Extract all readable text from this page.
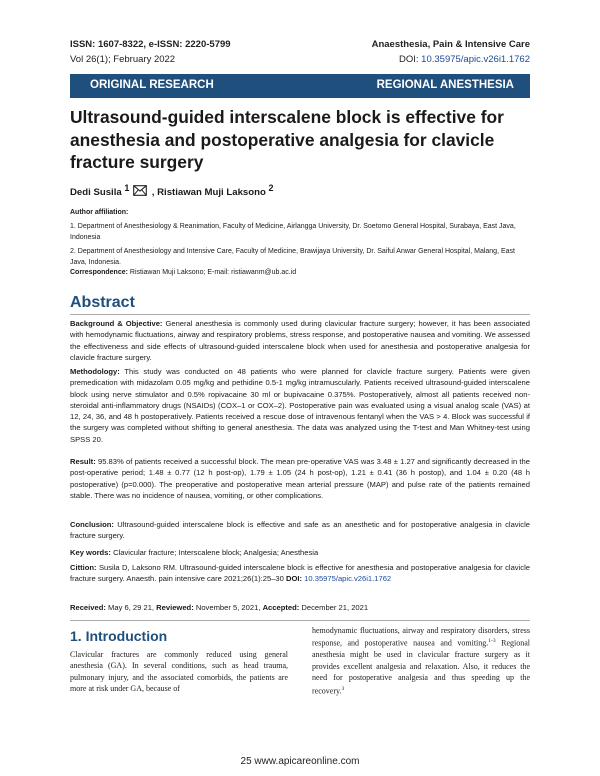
ISSN: 1607-8322, e-ISSN: 2220-5799	Anaesthesia, Pain & Intensive Care
Vol 26(1); February 2022	DOI: 10.35975/apic.v26i1.1762
ORIGINAL RESEARCH	REGIONAL ANESTHESIA
Ultrasound-guided interscalene block is effective for anesthesia and postoperative analgesia for clavicle fracture surgery
Dedi Susila $^1$ , Ristiawan Muji Laksono $^2$
Author affiliation:
1. Department of Anesthesiology & Reanimation, Faculty of Medicine, Airlangga University, Dr. Soetomo General Hospital, Surabaya, East Java, Indonesia
2. Department of Anesthesiology and Intensive Care, Faculty of Medicine, Brawijaya University, Dr. Saiful Anwar General Hospital, Malang, East Java, Indonesia.
Correspondence: Ristiawan Muji Laksono; E-mail: ristiawanm@ub.ac.id
Abstract
Background & Objective: General anesthesia is commonly used during clavicular fracture surgery; however, it has been associated with hemodynamic fluctuations, airway and respiratory problems, stress response, and postoperative nausea and vomiting. We assessed the effectiveness and side effects of ultrasound-guided interscalene block when used for anesthesia and postoperative analgesia for clavicle fracture surgery.
Methodology: This study was conducted on 48 patients who were planned for clavicle fracture surgery. Patients were given premedication with midazolam 0.05 mg/kg and pethidine 0.5-1 mg/kg intramuscularly. Patients received ultrasound-guided interscalene block using nerve stimulator and 0.5% ropivacaine 30 ml or bupivacaine 0.375%. Postoperatively, almost all patients received non-steroidal anti-inflammatory drugs (NSAIDs) (COX–1 or COX–2). Postoperative pain was evaluated using a visual analog scale (VAS) at 12, 24, 36, and 48 h postoperatively. Patients received a rescue dose of intravenous fentanyl when the VAS > 4. Block was successful if the surgery was completed without shifting to general anesthesia. The data was analyzed using the T-test and Man Whitney-test using SPSS 20.
Result: 95.83% of patients received a successful block. The mean pre-operative VAS was 3.48 ± 1.27 and significantly decreased in the post-operative period; 1.48 ± 0.77 (12 h post-op), 1.79 ± 1.05 (24 h post-op), 1.21 ± 0.41 (36 h postop), and 1.04 ± 0.20 (48 h postoperative) (p=0.000). The preoperative and postoperative mean arterial pressure (MAP) and pulse rate of the patients remained stable. There was no incidence of nausea, vomiting, or other complications.
Conclusion: Ultrasound-guided interscalene block is effective and safe as an anesthetic and for postoperative analgesia in clavicle fracture surgery.
Key words: Clavicular fracture; Interscalene block; Analgesia; Anesthesia
Cittion: Susila D, Laksono RM. Ultrasound-guided interscalene block is effective for anesthesia and postoperative analgesia for clavicle fracture surgery. Anaesth. pain intensive care 2021;26(1):25–30 DOI: 10.35975/apic.v26i1.1762
Received: May 6, 29 21, Reviewed: November 5, 2021, Accepted: December 21, 2021
1. Introduction
Clavicular fractures are commonly reduced using general anesthesia (GA). In several conditions, such as head trauma, pulmonary injury, and the associated comorbids, the patients are more at risk under GA, because of
hemodynamic fluctuations, airway and respiratory disorders, stress response, and postoperative nausea and vomiting.$^{1-3}$ Regional anesthesia might be used in clavicular fracture surgery as it provides excellent analgesia and relaxation. Also, it reduces the need for postoperative analgesia and thus speeding up the recovery.$^3$
25 www.apicareonline.com
